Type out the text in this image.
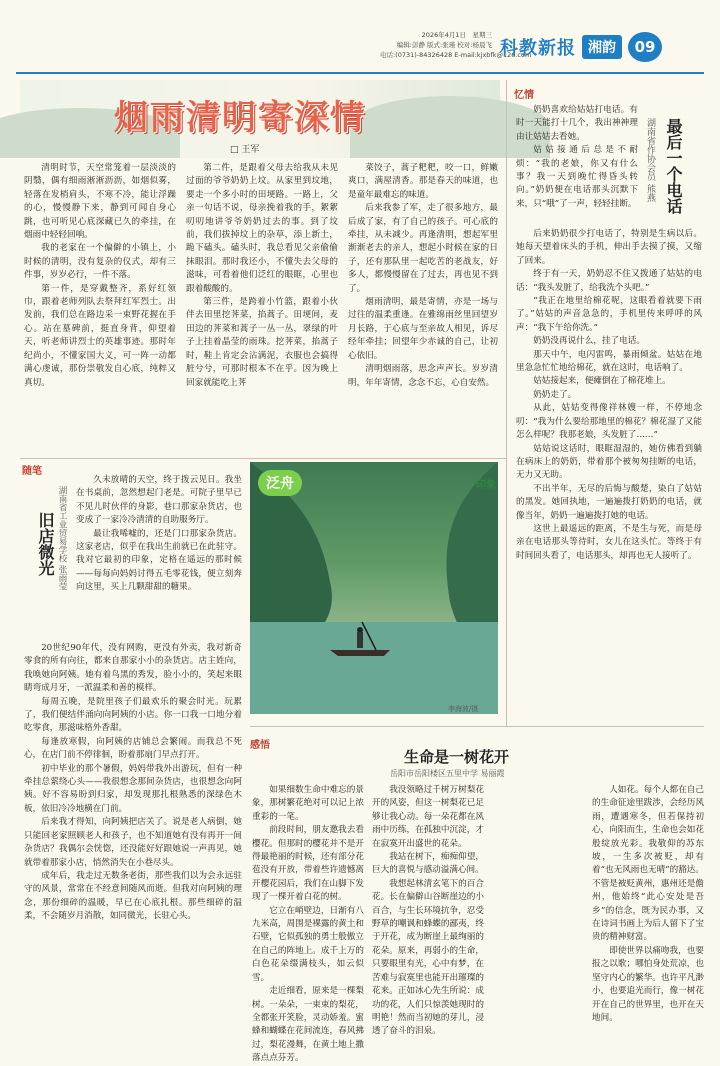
2026年4月1日　星期三
编辑:彭静 版式:张瑾 校对:杨晨飞
电话:(0731)-84326428 E-mail:kjxbfk@126.com
科教新报 湘韵	09
烟雨清明寄深情
□ 王军

清明时节，天空常笼着一层淡淡的阴翳，偶有细雨淅淅沥沥，如烟似雾，轻落在发梢肩头，不寒不冷，能让浮躁的心，慢慢静下来，静到可闻自身心跳，也可听见心底深藏已久的牵挂，在烟雨中轻轻回响。

我的老家在一个偏僻的小镇上，小时候的清明，没有复杂的仪式，却有三件事，岁岁必行，一件不落。

第一件，是穿戴整齐，系好红领巾，跟着老师列队去祭拜红军烈士。出发前，我们总在路边采一束野花握在手心。站在墓碑前，挺直身背，仰望着天，听老师讲烈士的英雄事迹。那时年纪尚小，不懂家国大义，可一阵一动都满心虔诚，那份崇敬发自心底，纯粹又真切。

第二件，是跟着父母去给我从未见过面的爷爷奶奶上坟。从家里到坟地，要走一个多小时的田埂路。一路上，父亲一句话不说，母亲挽着我的手，絮絮叨叨地讲爷爷奶奶过去的事。到了坟前，我们拔掉坟上的杂草，添上新土，跪下磕头。磕头时，我总看见父亲偷偷抹眼泪。那时我还小，不懂失去父母的滋味，可看着他们泛红的眼眶，心里也跟着酸酸的。

第三件，是跨着小竹篮，跟着小伙伴去田里挖荠菜，掐蒿子。田埂间，麦田边的荠菜和蒿子一丛一丛，翠绿的叶子上挂着晶莹的雨珠。挖荠菜，掐蒿子时，鞋上肯定会沾满泥，衣服也会搞得脏兮兮，可那时根本不在乎。因为晚上回家就能吃上荠

菜饺子，蒿子粑粑，咬一口，鲜嫩爽口，满屋清香。那是春天的味道，也是童年最难忘的味道。

后来我参了军，走了很多地方，最后成了家，有了自己的孩子。可心底的牵挂，从未减少。再逢清明，想起军里渐渐老去的亲人，想起小时候在家的日子，还有那队里一起吃苦的老战友，好多人，都慢慢留在了过去，再也见不到了。

烟雨清明，最是寄情，亦是一场与过往的温柔重逢。在雅绵雨丝里回望岁月长路，于心底与至亲故人相见，诉尽经年牵挂；回望年少赤诚的自己，让初心依旧。

清明烟雨落，思念声声长。岁岁清明，年年寄情，念念不忘，心自安然。

忆情
最后一个电话
湖南省作协会员 熊燕

奶奶喜欢给姑姑打电话。有时一天能打十几个，我出神神理由让姑姑去看她。

姑姑接通后总是不耐烦：“我的老娘，你又有什么事？我一天到晚忙得昏头转向。”奶奶便在电话那头沉默下来，只“哦”了一声，轻轻挂断。

后来奶奶很少打电话了，特别是生病以后。她每天望着床头的手机，伸出手去摸了摸，又缩了回来。

终于有一天，奶奶忍不住又拨通了姑姑的电话：“我头发脏了，给我洗个头吧。”

“我正在地里给棉花呢，这眼看着就要下雨了。”姑姑的声音急急的，手机里传来呼呼的风声：“我下午给你洗。”

奶奶没再说什么，挂了电话。

那天中午，电闪雷鸣，暴雨倾盆。姑姑在地里急急忙忙地给棉花，就在这时，电话响了。

姑姑接起来，便瘫倒在了棉花堆上。

奶奶走了。

从此，姑姑变得像祥林嫂一样，不停地念叨：“我为什么要给那地里的棉花？棉花湿了又能怎么样呢？我那老娘，头发脏了……”

姑姑说这话时，眼眶湿湿的，她仿佛看到躺在病床上的奶奶，带着那个被匆匆挂断的电话，无力又无助。

不出半年，无尽的后悔与酸楚，染白了姑姑的黑发。她回执地，一遍遍拨打奶奶的电话，就像当年，奶奶一遍遍拨打她的电话。

这世上最遥远的距离，不是生与死，而是母亲在电话那头等待时，女儿在这头忙。等终于有时间回头看了，电话那头，却再也无人接听了。

随笔
旧店微光 湖南省工业贸易学校 张雨莹

久未放晴的天空，终于拨云见日。我坐在书桌前，忽然想起门老是。可院子里早已不见儿时伙伴的身影，巷口那家杂货店，也变成了一家冷冷清清的自助服务厅。

最让我唏嘘的，还是门口那家杂货店。这家老店，似乎在我出生前就已在此驻守。我对它最初的印象，定格在遥远的那时候——每每向妈妈讨得五毛零花钱，便立刻奔向这里，买上几颗甜甜的糖果。

20世纪90年代，没有网购，更没有外卖，我对新奇零食的所有向往，都来自那家小小的杂货店。店主姓向，我唤她向阿姨。她有着鸟黑的秀发，脸小小的，笑起来眼睛弯成月牙，一派温柔和善的模样。

每周五晚，是院里孩子们最欢乐的聚会时光。玩累了，我们便结伴涌向向阿姨的小店。你一口我一口地分着吃零食，那滋味格外香甜。

每逢放寒假，向阿姨的店铺总会繁闹。而我总不死心，在店门前不停徘徊，盼着那扇门早点打开。

初中毕业的那个暑假，妈妈带我外出游玩，但有一种牵挂总萦绕心头——我很想念那间杂货店，也很想念向阿姨。好不容易盼到归家，却发现那扎根熟悉的深绿色木板，依旧冷冷地横在门前。

后来我才得知，向阿姨把店关了。说是老人病倒，她只能回老家照顾老人和孩子，也不知道她有没有再开一间杂货店？我偶尔会恍惚，还没能好好跟她说一声再见，她就带着那家小店，悄然消失在小巷尽头。

成年后，我走过无数条老街，那些我们以为会永远驻守的风景，常常在不经意间随风而逝。但我对向阿姨的理念，那份细碎的温暖，早已在心底扎根。那些细碎的温柔，不会随岁月消散，如同微光，长驻心头。

泛舟	印象
李海波/摄
感悟
生命是一树花开
岳阳市岳阳楼区五里中学 易丽霞

如果细数生命中难忘的景象，那树繁花绝对可以记上浓重彩的一笔。

前段时间，朋友邀我去看樱花。但那时的樱花并不是开得最艳丽的时候，还有部分花苞没有开放，带着些许遗憾离开樱花园后，我们在山脚下发现了一棵开着白花的树。

它立在峭壁边，日渐有八九米高，周围是裸露的黄土和石壁，它似孤独的勇士般傲立在自己的阵地上。成千上万的白色花朵缀满枝头，如云似雪。

走近细看，原来是一棵梨树。一朵朵，一束束的梨花，全都张开笑脸，灵动娇羞。蜜蜂和蝴蝶在花间流连，春风拂过，梨花漫舞，在黄土地上撒落点点芬芳。

我没领略过千树万树梨花开的风姿，但这一树梨花已足够让我心动。每一朵花都在风雨中历练，在孤独中沉淀，才在寂寞开出盛世的花朵。

我站在树下，痴痴仰望，巨大的喜悦与感动溢满心间。

我想起林清玄笔下的百合花。长在偏僻山谷断崖边的小百合，与生长环境抗争，忍受野草的嘲讽和蜂蝶的鄙夷，终于开花，成为断崖上最绚丽的花朵。原来，再弱小的生命，只要眼里有光，心中有梦，在苦难与寂寞里也能开出璀璨的花来。正如冰心先生所说：成功的花，人们只惊羡她现时的明艳！然而当初她的芽儿，浸透了奋斗的泪泉。

人如花。每个人都在自己的生命征途里跋涉，会经历风雨，遭遇寒冬，但若保持初心，向阳而生，生命也会如花般绽放光彩。我敬仰的苏东坡，一生多次被贬，却有着“也无风雨也无晴”的豁达。不管是被贬黄州，惠州还是儋州，他始终“此心安处是吾乡”的信念，既为民办事，又在诗词书画上为后人留下了宝贵的精神财富。

即使世界以痛吻我，也要报之以歌；哪怕身处荒凉，也坚守内心的繁华。也许平凡渺小，也要追光而行，像一树花开在自己的世界里，也开在天地间。
